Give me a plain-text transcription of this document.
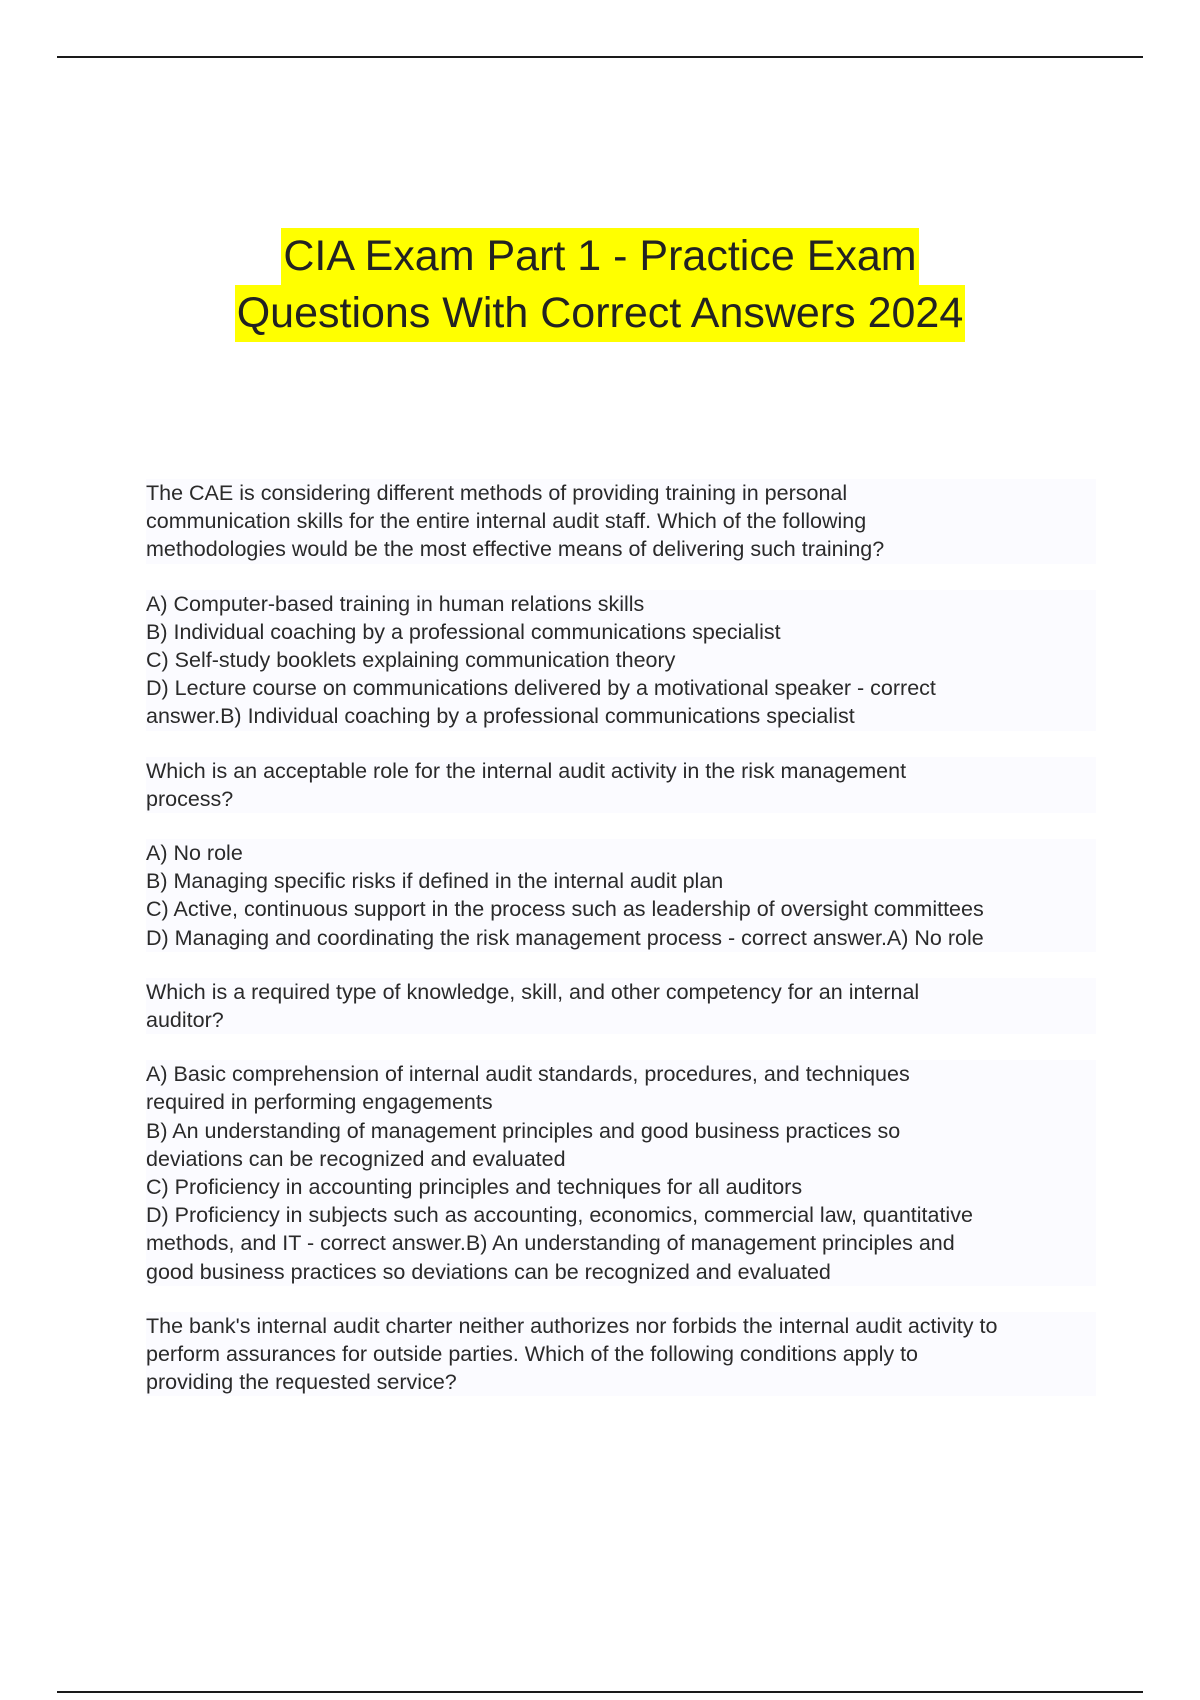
CIA Exam Part 1 - Practice Exam
Questions With Correct Answers 2024

The CAE is considering different methods of providing training in personal
communication skills for the entire internal audit staff. Which of the following
methodologies would be the most effective means of delivering such training?

A) Computer-based training in human relations skills
B) Individual coaching by a professional communications specialist
C) Self-study booklets explaining communication theory
D) Lecture course on communications delivered by a motivational speaker - correct
answer.B) Individual coaching by a professional communications specialist

Which is an acceptable role for the internal audit activity in the risk management
process?

A) No role
B) Managing specific risks if defined in the internal audit plan
C) Active, continuous support in the process such as leadership of oversight committees
D) Managing and coordinating the risk management process - correct answer.A) No role

Which is a required type of knowledge, skill, and other competency for an internal
auditor?

A) Basic comprehension of internal audit standards, procedures, and techniques
required in performing engagements
B) An understanding of management principles and good business practices so
deviations can be recognized and evaluated
C) Proficiency in accounting principles and techniques for all auditors
D) Proficiency in subjects such as accounting, economics, commercial law, quantitative
methods, and IT - correct answer.B) An understanding of management principles and
good business practices so deviations can be recognized and evaluated

The bank's internal audit charter neither authorizes nor forbids the internal audit activity to
perform assurances for outside parties. Which of the following conditions apply to
providing the requested service?
